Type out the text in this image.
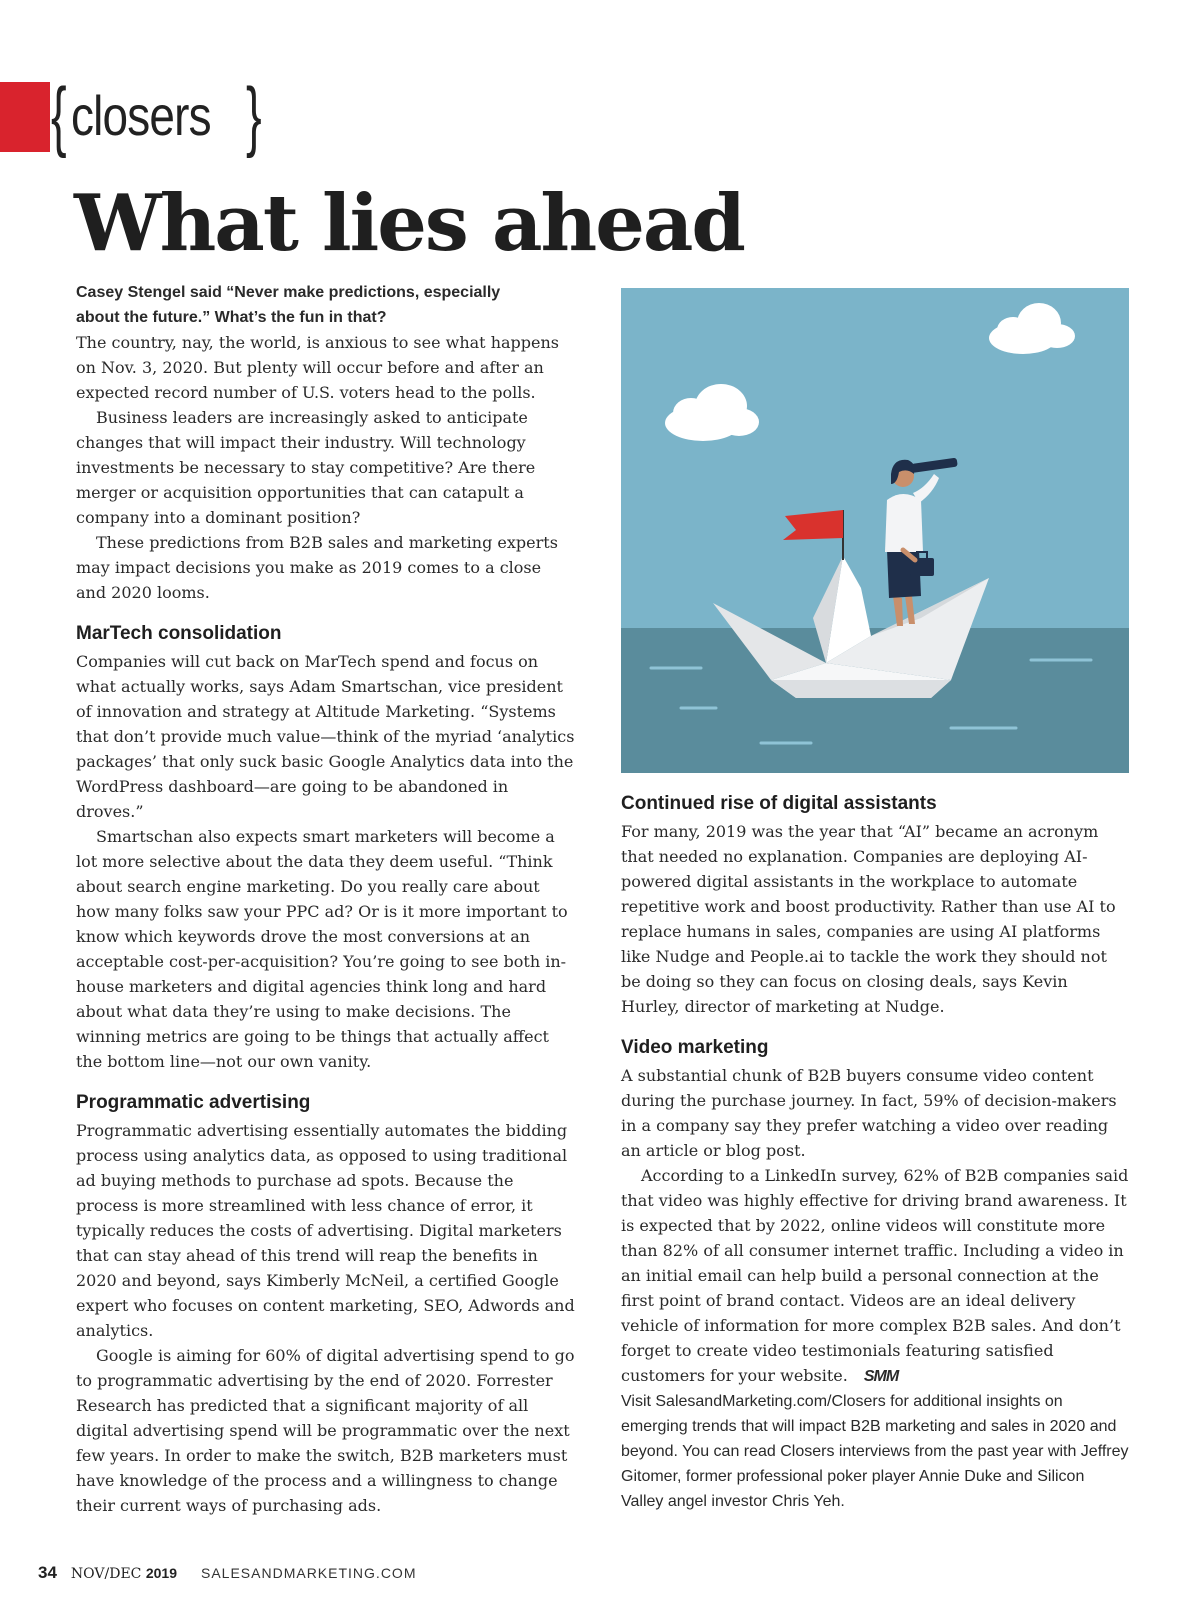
{ closers }
What lies ahead

Casey Stengel said “Never make predictions, especially about the future.” What’s the fun in that?

The country, nay, the world, is anxious to see what happens on Nov. 3, 2020. But plenty will occur before and after an expected record number of U.S. voters head to the polls.

Business leaders are increasingly asked to anticipate changes that will impact their industry. Will technology investments be necessary to stay competitive? Are there merger or acquisition opportunities that can catapult a company into a dominant position?

These predictions from B2B sales and marketing experts may impact decisions you make as 2019 comes to a close and 2020 looms.

MarTech consolidation

Companies will cut back on MarTech spend and focus on what actually works, says Adam Smartschan, vice president of innovation and strategy at Altitude Marketing. “Systems that don’t provide much value—think of the myriad ‘analytics packages’ that only suck basic Google Analytics data into the WordPress dashboard—are going to be abandoned in droves.”

Smartschan also expects smart marketers will become a lot more selective about the data they deem useful. “Think about search engine marketing. Do you really care about how many folks saw your PPC ad? Or is it more important to know which keywords drove the most conversions at an acceptable cost-per-acquisition? You’re going to see both in-house marketers and digital agencies think long and hard about what data they’re using to make decisions. The winning metrics are going to be things that actually affect the bottom line—not our own vanity.

Programmatic advertising

Programmatic advertising essentially automates the bidding process using analytics data, as opposed to using traditional ad buying methods to purchase ad spots. Because the process is more streamlined with less chance of error, it typically reduces the costs of advertising. Digital marketers that can stay ahead of this trend will reap the benefits in 2020 and beyond, says Kimberly McNeil, a certified Google expert who focuses on content marketing, SEO, Adwords and analytics.

Google is aiming for 60% of digital advertising spend to go to programmatic advertising by the end of 2020. Forrester Research has predicted that a significant majority of all digital advertising spend will be programmatic over the next few years. In order to make the switch, B2B marketers must have knowledge of the process and a willingness to change their current ways of purchasing ads.

Continued rise of digital assistants

For many, 2019 was the year that “AI” became an acronym that needed no explanation. Companies are deploying AI-powered digital assistants in the workplace to automate repetitive work and boost productivity. Rather than use AI to replace humans in sales, companies are using AI platforms like Nudge and People.ai to tackle the work they should not be doing so they can focus on closing deals, says Kevin Hurley, director of marketing at Nudge.

Video marketing

A substantial chunk of B2B buyers consume video content during the purchase journey. In fact, 59% of decision-makers in a company say they prefer watching a video over reading an article or blog post.

According to a LinkedIn survey, 62% of B2B companies said that video was highly effective for driving brand awareness. It is expected that by 2022, online videos will constitute more than 82% of all consumer internet traffic. Including a video in an initial email can help build a personal connection at the first point of brand contact. Videos are an ideal delivery vehicle of information for more complex B2B sales. And don’t forget to create video testimonials featuring satisfied customers for your website. SMM

Visit SalesandMarketing.com/Closers for additional insights on emerging trends that will impact B2B marketing and sales in 2020 and beyond. You can read Closers interviews from the past year with Jeffrey Gitomer, former professional poker player Annie Duke and Silicon Valley angel investor Chris Yeh.

34 NOV/DEC 2019 SALESANDMARKETING.COM
